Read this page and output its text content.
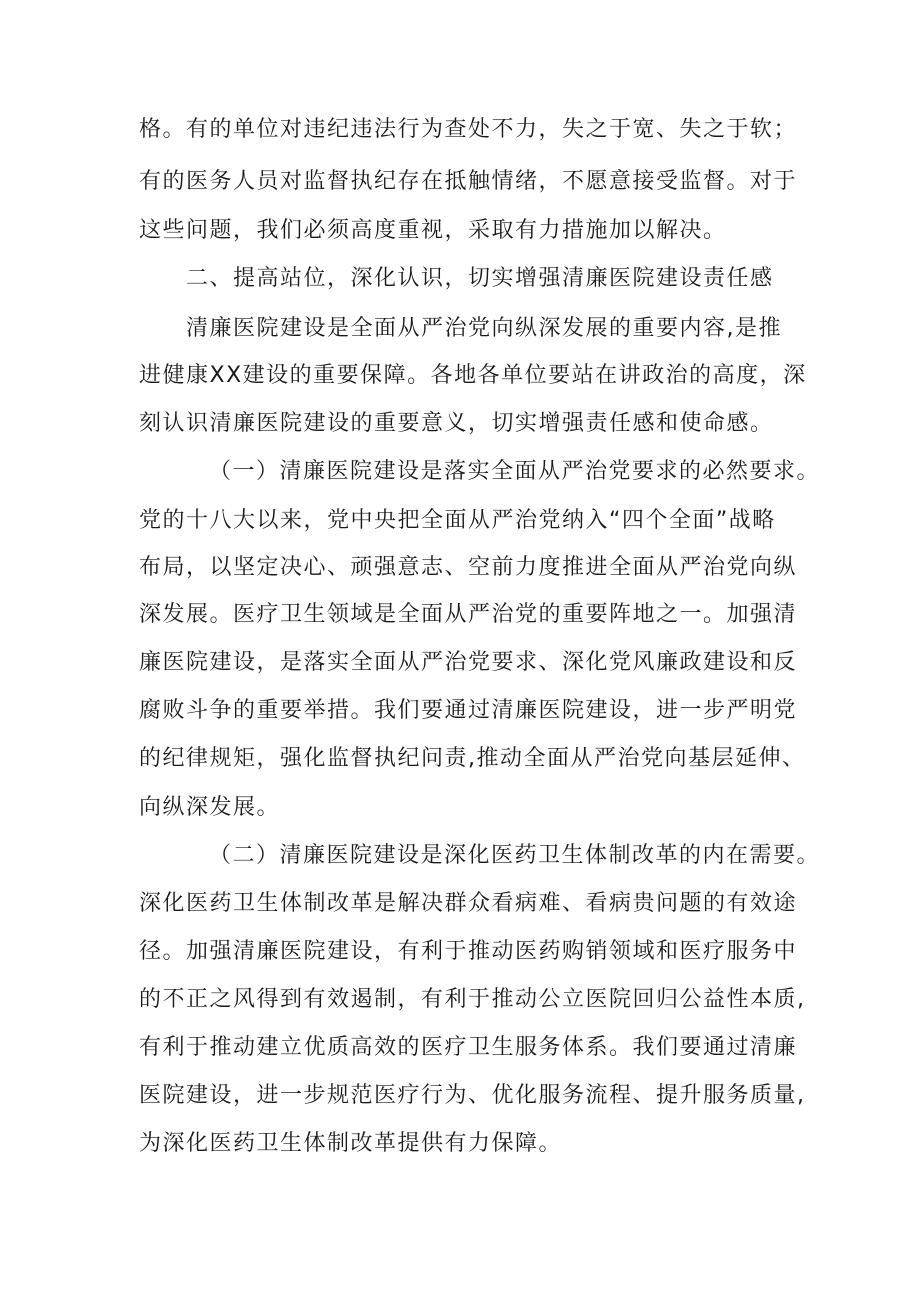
格。有的单位对违纪违法行为查处不力，失之于宽、失之于软；
有的医务人员对监督执纪存在抵触情绪，不愿意接受监督。对于
这些问题，我们必须高度重视，采取有力措施加以解决。
二、提高站位，深化认识，切实增强清廉医院建设责任感
清廉医院建设是全面从严治党向纵深发展的重要内容,是推
进健康XX建设的重要保障。各地各单位要站在讲政治的高度，深
刻认识清廉医院建设的重要意义，切实增强责任感和使命感。
（一）清廉医院建设是落实全面从严治党要求的必然要求。
党的十八大以来，党中央把全面从严治党纳入“四个全面”战略
布局，以坚定决心、顽强意志、空前力度推进全面从严治党向纵
深发展。医疗卫生领域是全面从严治党的重要阵地之一。加强清
廉医院建设，是落实全面从严治党要求、深化党风廉政建设和反
腐败斗争的重要举措。我们要通过清廉医院建设，进一步严明党
的纪律规矩，强化监督执纪问责,推动全面从严治党向基层延伸、
向纵深发展。
（二）清廉医院建设是深化医药卫生体制改革的内在需要。
深化医药卫生体制改革是解决群众看病难、看病贵问题的有效途
径。加强清廉医院建设，有利于推动医药购销领域和医疗服务中
的不正之风得到有效遏制，有利于推动公立医院回归公益性本质,
有利于推动建立优质高效的医疗卫生服务体系。我们要通过清廉
医院建设，进一步规范医疗行为、优化服务流程、提升服务质量,
为深化医药卫生体制改革提供有力保障。
